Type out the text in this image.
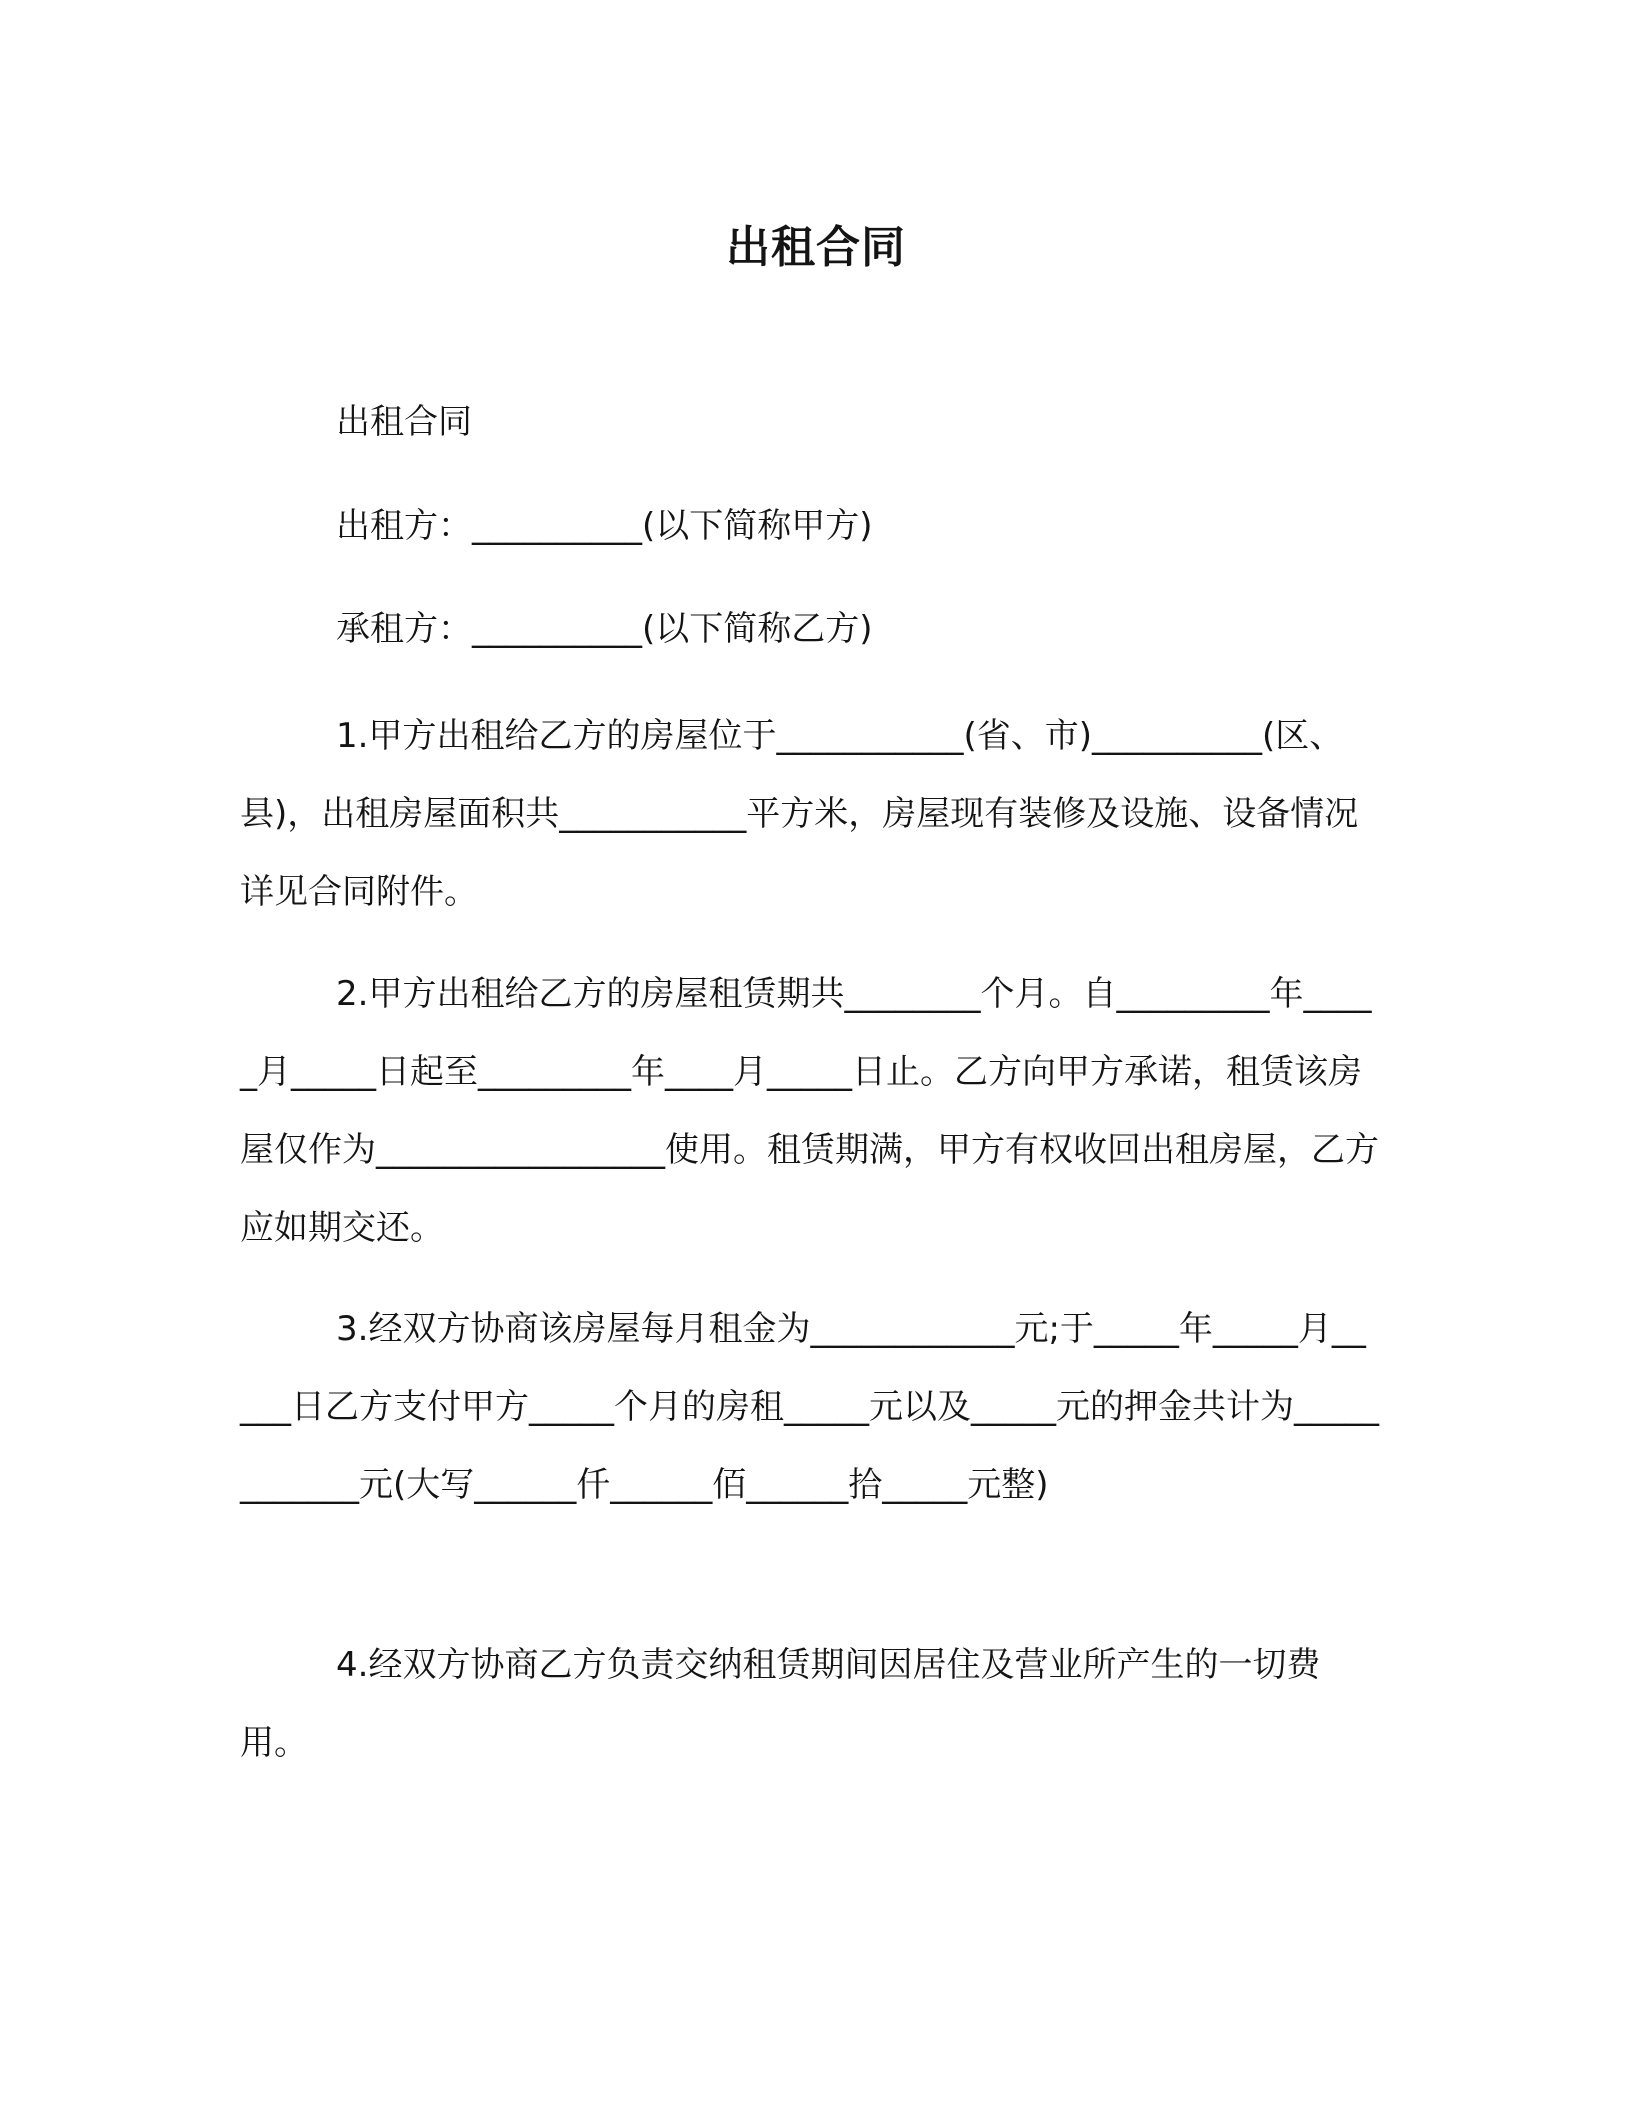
出租合同
出租合同
出租方：__________(以下简称甲方)
承租方：__________(以下简称乙方)
1.甲方出租给乙方的房屋位于___________(省、市)__________(区、县)，出租房屋面积共___________平方米，房屋现有装修及设施、设备情况详见合同附件。
2.甲方出租给乙方的房屋租赁期共________个月。自_________年_____月_____日起至_________年____月_____日止。乙方向甲方承诺，租赁该房屋仅作为_________________使用。租赁期满，甲方有权收回出租房屋，乙方应如期交还。
3.经双方协商该房屋每月租金为____________元;于_____年_____月_____日乙方支付甲方_____个月的房租_____元以及_____元的押金共计为____________元(大写______仟______佰______拾_____元整)
4.经双方协商乙方负责交纳租赁期间因居住及营业所产生的一切费用。
